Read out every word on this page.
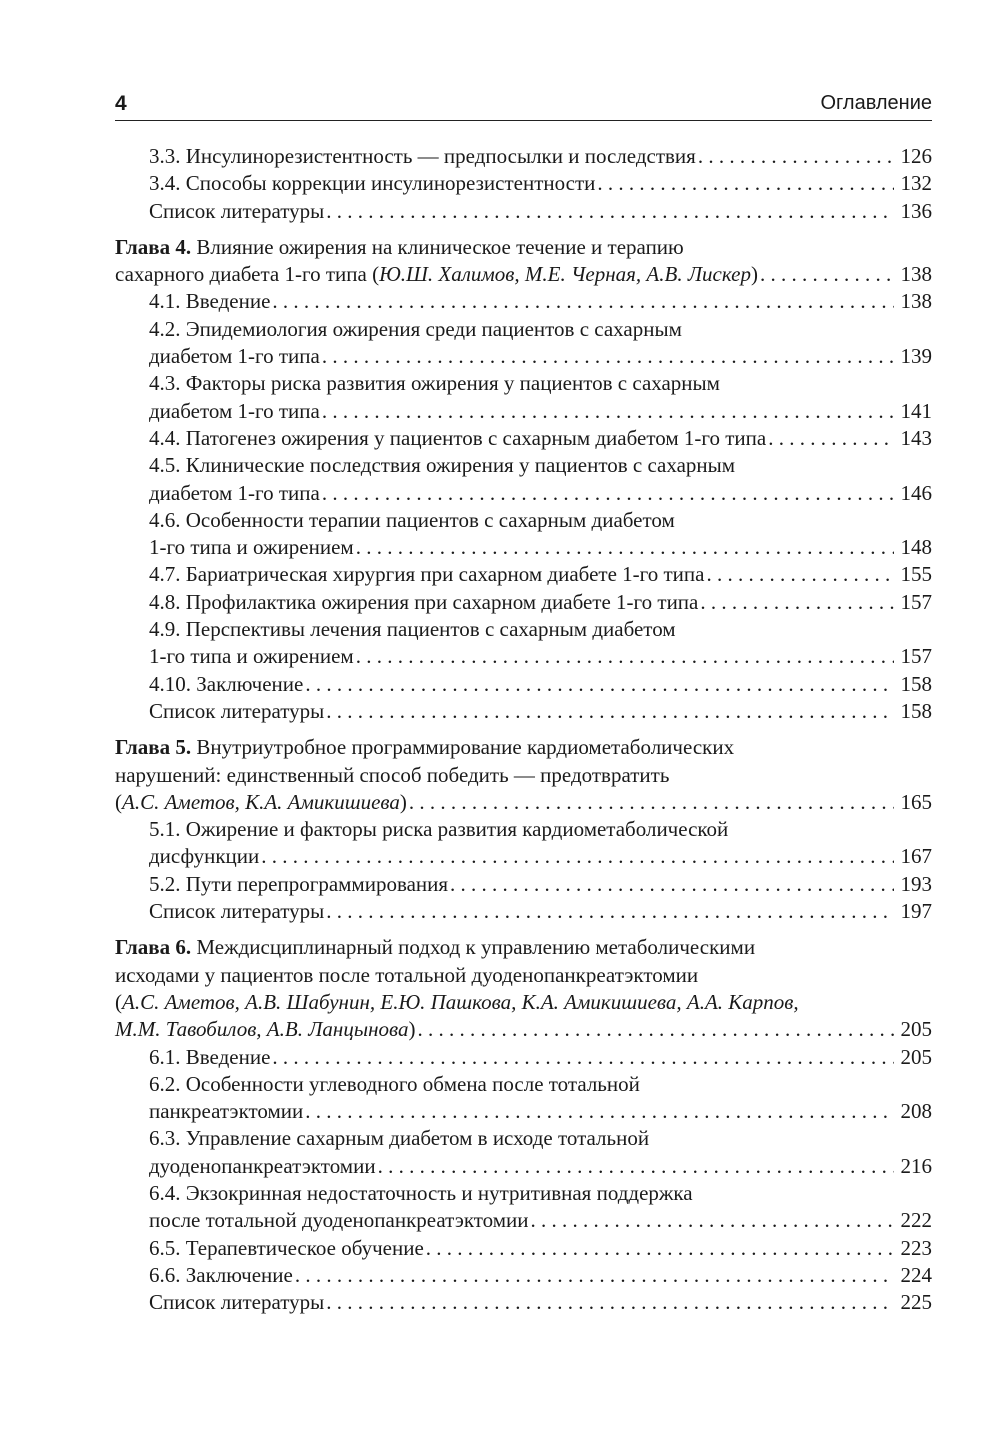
4	Оглавление
3.3. Инсулинорезистентность — предпосылки и последствия . . .	126
3.4. Способы коррекции инсулинорезистентности . . .	132
Список литературы . . .	136
Глава 4. Влияние ожирения на клиническое течение и терапию
сахарного диабета 1-го типа (Ю.Ш. Халимов, М.Е. Черная, А.В. Лискер) . . .	138
4.1. Введение . . .	138
4.2. Эпидемиология ожирения среди пациентов с сахарным
диабетом 1-го типа . . .	139
4.3. Факторы риска развития ожирения у пациентов с сахарным
диабетом 1-го типа . . .	141
4.4. Патогенез ожирения у пациентов с сахарным диабетом 1-го типа . . .	143
4.5. Клинические последствия ожирения у пациентов с сахарным
диабетом 1-го типа . . .	146
4.6. Особенности терапии пациентов с сахарным диабетом
1-го типа и ожирением . . .	148
4.7. Бариатрическая хирургия при сахарном диабете 1-го типа . . .	155
4.8. Профилактика ожирения при сахарном диабете 1-го типа . . .	157
4.9. Перспективы лечения пациентов с сахарным диабетом
1-го типа и ожирением . . .	157
4.10. Заключение . . .	158
Список литературы . . .	158
Глава 5. Внутриутробное программирование кардиометаболических
нарушений: единственный способ победить — предотвратить
(А.С. Аметов, К.А. Амикишиева) . . .	165
5.1. Ожирение и факторы риска развития кардиометаболической
дисфункции . . .	167
5.2. Пути перепрограммирования . . .	193
Список литературы . . .	197
Глава 6. Междисциплинарный подход к управлению метаболическими
исходами у пациентов после тотальной дуоденопанкреатэктомии
(А.С. Аметов, А.В. Шабунин, Е.Ю. Пашкова, К.А. Амикишиева, А.А. Карпов,
М.М. Тавобилов, А.В. Ланцынова) . . .	205
6.1. Введение . . .	205
6.2. Особенности углеводного обмена после тотальной
панкреатэктомии . . .	208
6.3. Управление сахарным диабетом в исходе тотальной
дуоденопанкреатэктомии . . .	216
6.4. Экзокринная недостаточность и нутритивная поддержка
после тотальной дуоденопанкреатэктомии . . .	222
6.5. Терапевтическое обучение . . .	223
6.6. Заключение . . .	224
Список литературы . . .	225
